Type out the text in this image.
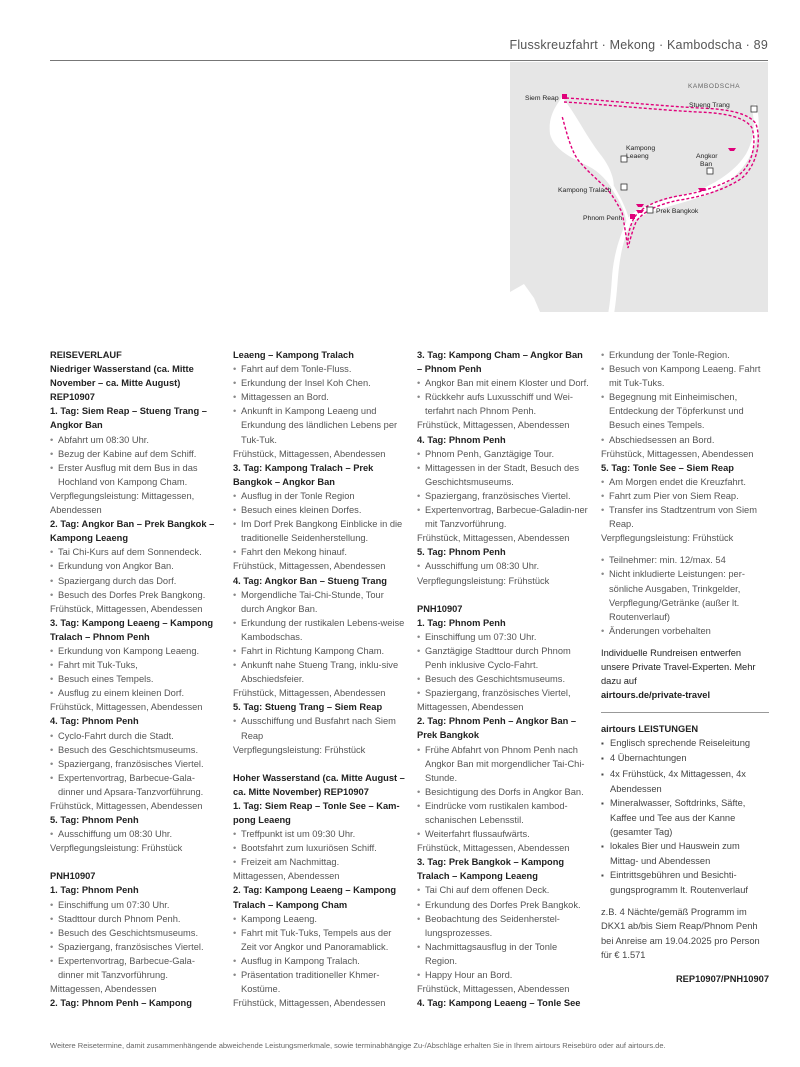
Flusskreuzfahrt · Mekong · Kambodscha · 89
KAMBODSCHA
Siem Reap
Stueng Trang
Kampong
Leaeng	Angkor
Ban
Kampong Tralach
Phnom Penh
Prek Bangkok
REISEVERLAUF
Niedriger Wasserstand (ca. Mitte November – ca. Mitte August) REP10907
1. Tag: Siem Reap – Stueng Trang – Angkor Ban
• Abfahrt um 08:30 Uhr.
• Bezug der Kabine auf dem Schiff.
• Erster Ausflug mit dem Bus in das Hochland von Kampong Cham.
Verpflegungsleistung: Mittagessen, Abendessen
2. Tag: Angkor Ban – Prek Bangkok – Kampong Leaeng
• Tai Chi-Kurs auf dem Sonnendeck.
• Erkundung von Angkor Ban.
• Spaziergang durch das Dorf.
• Besuch des Dorfes Prek Bangkong.
Frühstück, Mittagessen, Abendessen
3. Tag: Kampong Leaeng – Kampong Tralach – Phnom Penh
• Erkundung von Kampong Leaeng.
• Fahrt mit Tuk-Tuks,
• Besuch eines Tempels.
• Ausflug zu einem kleinen Dorf.
Frühstück, Mittagessen, Abendessen
4. Tag: Phnom Penh
• Cyclo-Fahrt durch die Stadt.
• Besuch des Geschichtsmuseums.
• Spaziergang, französisches Viertel.
• Expertenvortrag, Barbecue-Gala-dinner und Apsara-Tanzvorführung.
Frühstück, Mittagessen, Abendessen
5. Tag: Phnom Penh
• Ausschiffung um 08:30 Uhr.
Verpflegungsleistung: Frühstück
PNH10907
1. Tag: Phnom Penh
• Einschiffung um 07:30 Uhr.
• Stadttour durch Phnom Penh.
• Besuch des Geschichtsmuseums.
• Spaziergang, französisches Viertel.
• Expertenvortrag, Barbecue-Gala-dinner mit Tanzvorführung.
Mittagessen, Abendessen
2. Tag: Phnom Penh – Kampong
Leaeng – Kampong Tralach
• Fahrt auf dem Tonle-Fluss.
• Erkundung der Insel Koh Chen.
• Mittagessen an Bord.
• Ankunft in Kampong Leaeng und Erkundung des ländlichen Lebens per Tuk-Tuk.
Frühstück, Mittagessen, Abendessen
3. Tag: Kampong Tralach – Prek Bangkok – Angkor Ban
• Ausflug in der Tonle Region
• Besuch eines kleinen Dorfes.
• Im Dorf Prek Bangkong Einblicke in die traditionelle Seidenherstellung.
• Fahrt den Mekong hinauf.
Frühstück, Mittagessen, Abendessen
4. Tag: Angkor Ban – Stueng Trang
• Morgendliche Tai-Chi-Stunde, Tour durch Angkor Ban.
• Erkundung der rustikalen Lebens-weise Kambodschas.
• Fahrt in Richtung Kampong Cham.
• Ankunft nahe Stueng Trang, inklu-sive Abschiedsfeier.
Frühstück, Mittagessen, Abendessen
5. Tag: Stueng Trang – Siem Reap
• Ausschiffung und Busfahrt nach Siem Reap
Verpflegungsleistung: Frühstück
Hoher Wasserstand (ca. Mitte August – ca. Mitte November) REP10907
1. Tag: Siem Reap – Tonle See – Kam-pong Leaeng
• Treffpunkt ist um 09:30 Uhr.
• Bootsfahrt zum luxuriösen Schiff.
• Freizeit am Nachmittag.
Mittagessen, Abendessen
2. Tag: Kampong Leaeng – Kampong Tralach – Kampong Cham
• Kampong Leaeng.
• Fahrt mit Tuk-Tuks, Tempels aus der Zeit vor Angkor und Panoramablick.
• Ausflug in Kampong Tralach.
• Präsentation traditioneller Khmer-Kostüme.
Frühstück, Mittagessen, Abendessen
3. Tag: Kampong Cham – Angkor Ban – Phnom Penh
• Angkor Ban mit einem Kloster und Dorf.
• Rückkehr aufs Luxusschiff und Wei-terfahrt nach Phnom Penh.
Frühstück, Mittagessen, Abendessen
4. Tag: Phnom Penh
• Phnom Penh, Ganztägige Tour.
• Mittagessen in der Stadt, Besuch des Geschichtsmuseums.
• Spaziergang, französisches Viertel.
• Expertenvortrag, Barbecue-Galadin-ner mit Tanzvorführung.
Frühstück, Mittagessen, Abendessen
5. Tag: Phnom Penh
• Ausschiffung um 08:30 Uhr.
Verpflegungsleistung: Frühstück
PNH10907
1. Tag: Phnom Penh
• Einschiffung um 07:30 Uhr.
• Ganztägige Stadttour durch Phnom Penh inklusive Cyclo-Fahrt.
• Besuch des Geschichtsmuseums.
• Spaziergang, französisches Viertel,
Mittagessen, Abendessen
2. Tag: Phnom Penh – Angkor Ban – Prek Bangkok
• Frühe Abfahrt von Phnom Penh nach Angkor Ban mit morgendlicher Tai-Chi-Stunde.
• Besichtigung des Dorfs in Angkor Ban.
• Eindrücke vom rustikalen kambod-schanischen Lebensstil.
• Weiterfahrt flussaufwärts.
Frühstück, Mittagessen, Abendessen
3. Tag: Prek Bangkok – Kampong Tralach – Kampong Leaeng
• Tai Chi auf dem offenen Deck.
• Erkundung des Dorfes Prek Bangkok.
• Beobachtung des Seidenherstel-lungsprozesses.
• Nachmittagsausflug in der Tonle Region.
• Happy Hour an Bord.
Frühstück, Mittagessen, Abendessen
4. Tag: Kampong Leaeng – Tonle See
• Erkundung der Tonle-Region.
• Besuch von Kampong Leaeng. Fahrt mit Tuk-Tuks.
• Begegnung mit Einheimischen, Entdeckung der Töpferkunst und Besuch eines Tempels.
• Abschiedsessen an Bord.
Frühstück, Mittagessen, Abendessen
5. Tag: Tonle See – Siem Reap
• Am Morgen endet die Kreuzfahrt.
• Fahrt zum Pier von Siem Reap.
• Transfer ins Stadtzentrum von Siem Reap.
Verpflegungsleistung: Frühstück
• Teilnehmer: min. 12/max. 54
• Nicht inkludierte Leistungen: per-sönliche Ausgaben, Trinkgelder, Verpflegung/Getränke (außer lt. Routenverlauf)
• Änderungen vorbehalten
Individuelle Rundreisen entwerfen unsere Private Travel-Experten. Mehr dazu auf
airtours.de/private-travel
airtours LEISTUNGEN
▪ Englisch sprechende Reiseleitung
▪ 4 Übernachtungen
▪ 4x Frühstück, 4x Mittagessen, 4x Abendessen
▪ Mineralwasser, Softdrinks, Säfte, Kaffee und Tee aus der Kanne (gesamter Tag)
▪ lokales Bier und Hauswein zum Mittag- und Abendessen
▪ Eintrittsgebühren und Besichti-gungsprogramm lt. Routenverlauf
z.B. 4 Nächte/gemäß Programm im DKX1 ab/bis Siem Reap/Phnom Penh bei Anreise am 19.04.2025 pro Person für € 1.571
REP10907/PNH10907
Weitere Reisetermine, damit zusammenhängende abweichende Leistungsmerkmale, sowie terminabhängige Zu-/Abschläge erhalten Sie in Ihrem airtours Reisebüro oder auf airtours.de.
